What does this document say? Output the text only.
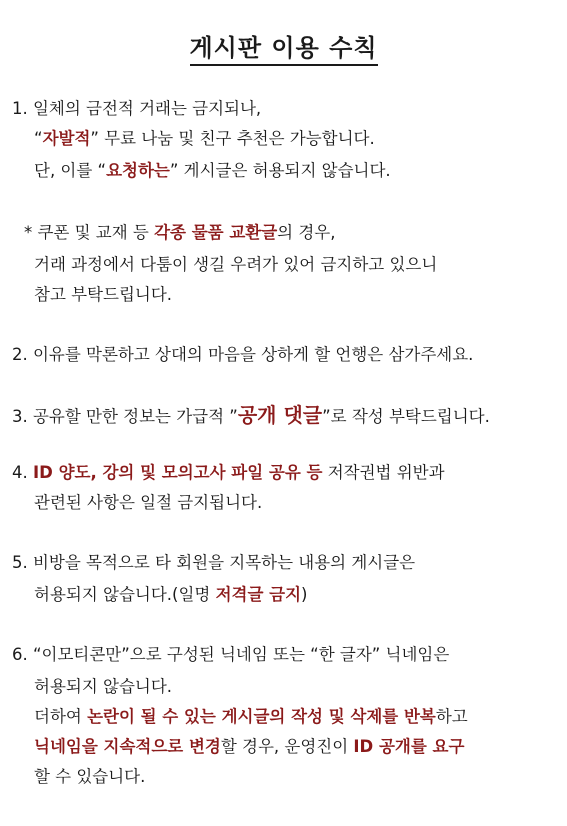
게시판 이용 수칙
1. 일체의 금전적 거래는 금지되나,
“자발적” 무료 나눔 및 친구 추천은 가능합니다.
단, 이를 “요청하는” 게시글은 허용되지 않습니다.
* 쿠폰 및 교재 등 각종 물품 교환글의 경우,
거래 과정에서 다툼이 생길 우려가 있어 금지하고 있으니
참고 부탁드립니다.
2. 이유를 막론하고 상대의 마음을 상하게 할 언행은 삼가주세요.
3. 공유할 만한 정보는 가급적 ”공개 댓글”로 작성 부탁드립니다.
4. ID 양도, 강의 및 모의고사 파일 공유 등 저작권법 위반과
관련된 사항은 일절 금지됩니다.
5. 비방을 목적으로 타 회원을 지목하는 내용의 게시글은
허용되지 않습니다.(일명 저격글 금지)
6. “이모티콘만”으로 구성된 닉네임 또는 “한 글자” 닉네임은
허용되지 않습니다.
더하여 논란이 될 수 있는 게시글의 작성 및 삭제를 반복하고
닉네임을 지속적으로 변경할 경우, 운영진이 ID 공개를 요구
할 수 있습니다.
